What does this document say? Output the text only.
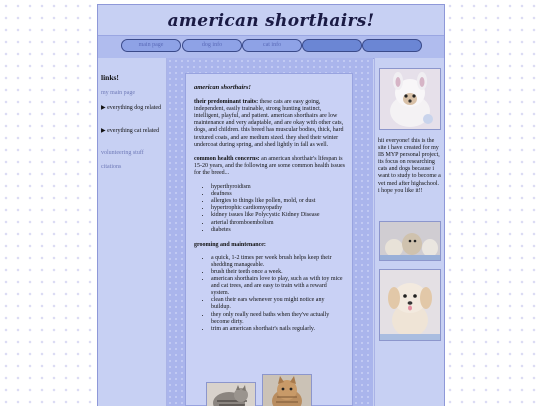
american shorthairs!
main page	dog info	cat info
links!
my main page
▶ everything dog related
▶ everything cat related
volunteering stuff
citations
american shorthairs!

their predominant traits: these cats are easy going, independent, easily trainable, strong hunting instinct, intelligent, playful, and patient. american shorthairs are low maintenance and very adaptable, and are okay with other cats, dogs, and children. this breed has muscular bodies, thick, hard textured coats, and are medium sized. they shed their winter undercoat during spring, and shed lightly in fall as well.

common health concerns: an american shorthair's lifespan is 15-20 years, and the following are some common health issues for the breed...

• hyperthyroidism
• deafness
• allergies to things like pollen, mold, or dust
• hypertrophic cardiomyopathy
• kidney issues like Polycystic Kidney Disease
• arterial thromboembolism
• diabetes

grooming and maintenance:

• a quick, 1-2 times per week brush helps keep their shedding manageable.
• brush their teeth once a week.
• american shorthairs love to play, such as with toy mice and cat trees, and are easy to train with a reward system.
• clean their ears whenever you might notice any buildup.
• they only really need baths when they've actually become dirty.
• trim an american shorthair's nails regularly.
hii everyone! this is the site i have created for my IB MYP personal project, its focus on researching cats and dogs because i want to study to become a vet med after highschool. i hope you like it!!
